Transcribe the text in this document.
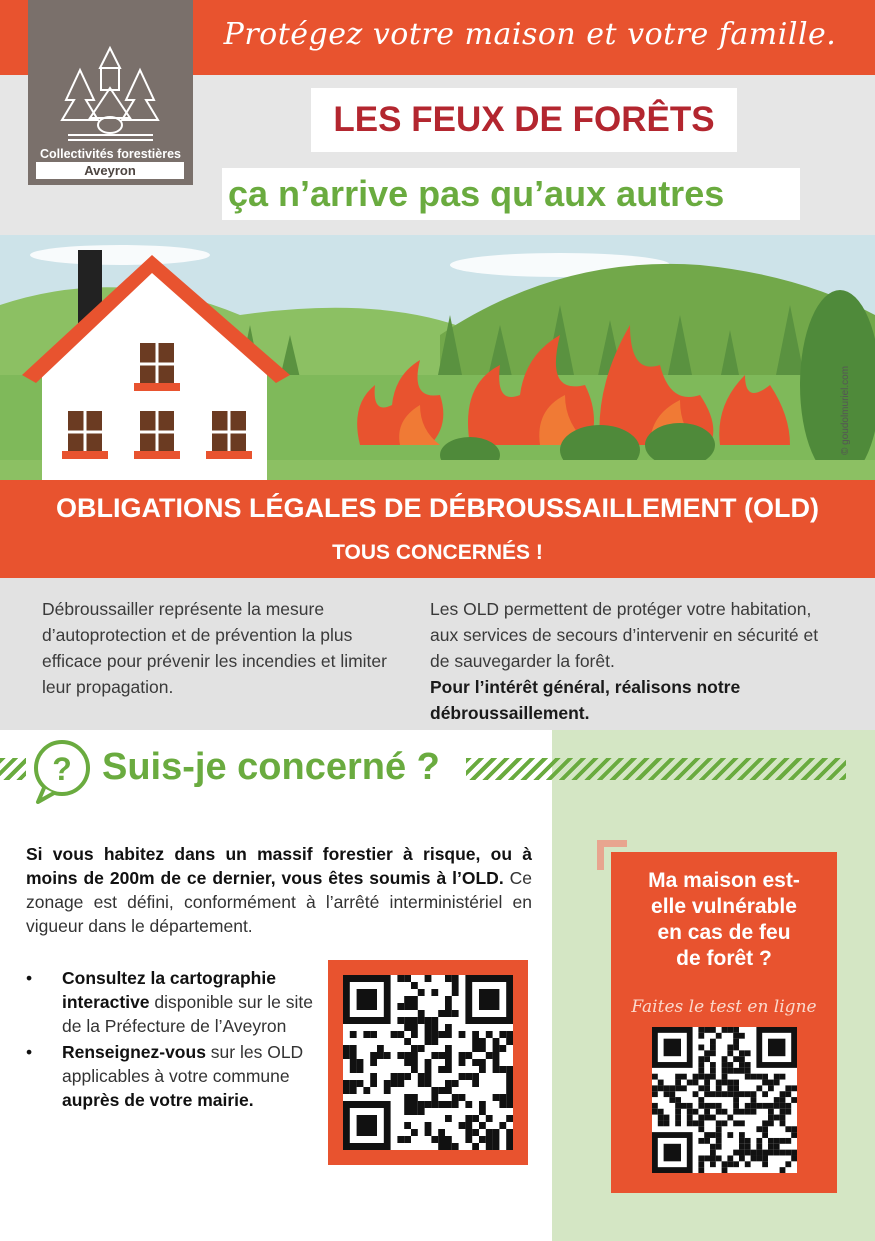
Protégez votre maison et votre famille.
Collectivités forestières
Aveyron
LES FEUX DE FORÊTS
ça n’arrive pas qu’aux autres
© goudolmuriel.com
OBLIGATIONS LÉGALES DE DÉBROUSSAILLEMENT (OLD)
TOUS CONCERNÉS !
Débroussailler représente la mesure d’autoprotection et de prévention la plus efficace pour prévenir les incendies et limiter leur propagation.
Les OLD permettent de protéger votre habitation, aux services de secours d’intervenir en sécurité et de sauvegarder la forêt.
Pour l’intérêt général, réalisons notre débroussaillement.
? Suis-je concerné ?
Si vous habitez dans un massif forestier à risque, ou à moins de 200m de ce dernier, vous êtes soumis à l’OLD. Ce zonage est défini, conformément à l’arrêté interministériel en vigueur dans le département.
• Consultez la cartographie interactive disponible sur le site de la Préfecture de l’Aveyron
• Renseignez-vous sur les OLD applicables à votre commune auprès de votre mairie.
Ma maison est-
elle vulnérable
en cas de feu
de forêt ?
Faites le test en ligne
